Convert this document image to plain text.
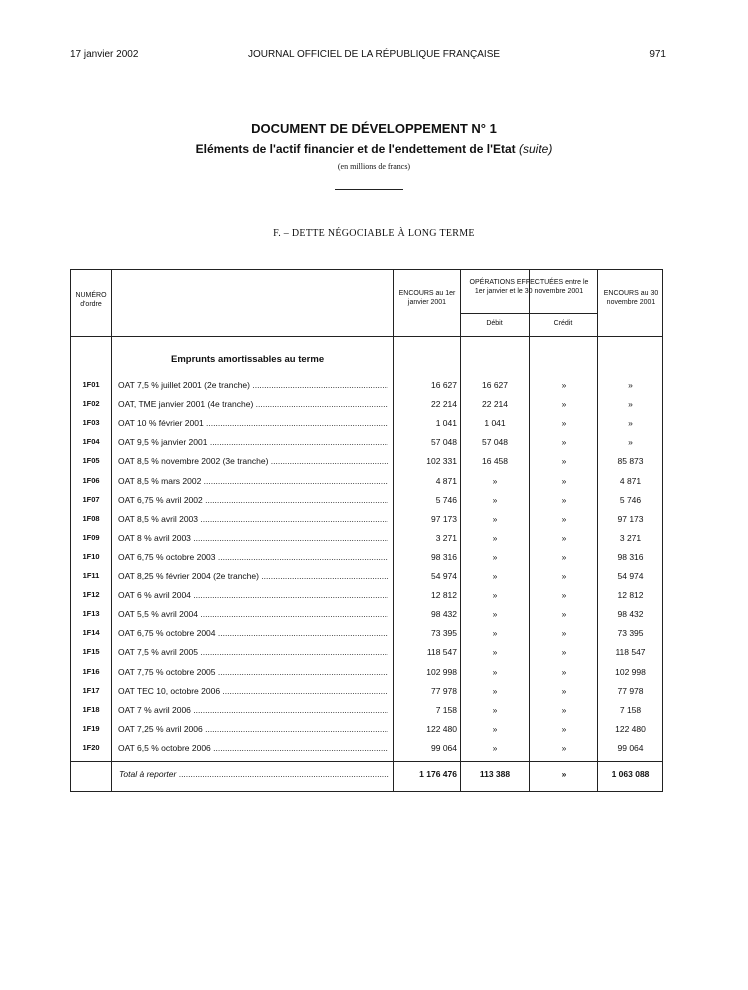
17 janvier 2002	JOURNAL OFFICIEL DE LA RÉPUBLIQUE FRANÇAISE	971
DOCUMENT DE DÉVELOPPEMENT N° 1
Eléments de l'actif financier et de l'endettement de l'Etat (suite)
(en millions de francs)
F. – DETTE NÉGOCIABLE À LONG TERME
NUMÉRO d'ordre
ENCOURS au 1er janvier 2001
OPÉRATIONS EFFECTUÉES entre le 1er janvier et le 30 novembre 2001
Débit	Crédit
ENCOURS au 30 novembre 2001
Emprunts amortissables au terme
1F01	OAT 7,5 % juillet 2001 (2e tranche) .....	16 627	16 627	»	»
1F02	OAT, TME janvier 2001 (4e tranche) .....	22 214	22 214	»	»
1F03	OAT 10 % février 2001 .....	1 041	1 041	»	»
1F04	OAT 9,5 % janvier 2001 .....	57 048	57 048	»	»
1F05	OAT 8,5 % novembre 2002 (3e tranche) .....	102 331	16 458	»	85 873
1F06	OAT 8,5 % mars 2002 .....	4 871	»	»	4 871
1F07	OAT 6,75 % avril 2002 .....	5 746	»	»	5 746
1F08	OAT 8,5 % avril 2003 .....	97 173	»	»	97 173
1F09	OAT 8 % avril 2003 .....	3 271	»	»	3 271
1F10	OAT 6,75 % octobre 2003 .....	98 316	»	»	98 316
1F11	OAT 8,25 % février 2004 (2e tranche) .....	54 974	»	»	54 974
1F12	OAT 6 % avril 2004 .....	12 812	»	»	12 812
1F13	OAT 5,5 % avril 2004 .....	98 432	»	»	98 432
1F14	OAT 6,75 % octobre 2004 .....	73 395	»	»	73 395
1F15	OAT 7,5 % avril 2005 .....	118 547	»	»	118 547
1F16	OAT 7,75 % octobre 2005 .....	102 998	»	»	102 998
1F17	OAT TEC 10, octobre 2006 .....	77 978	»	»	77 978
1F18	OAT 7 % avril 2006 .....	7 158	»	»	7 158
1F19	OAT 7,25 % avril 2006 .....	122 480	»	»	122 480
1F20	OAT 6,5 % octobre 2006 .....	99 064	»	»	99 064
Total à reporter .....	1 176 476	113 388	»	1 063 088
